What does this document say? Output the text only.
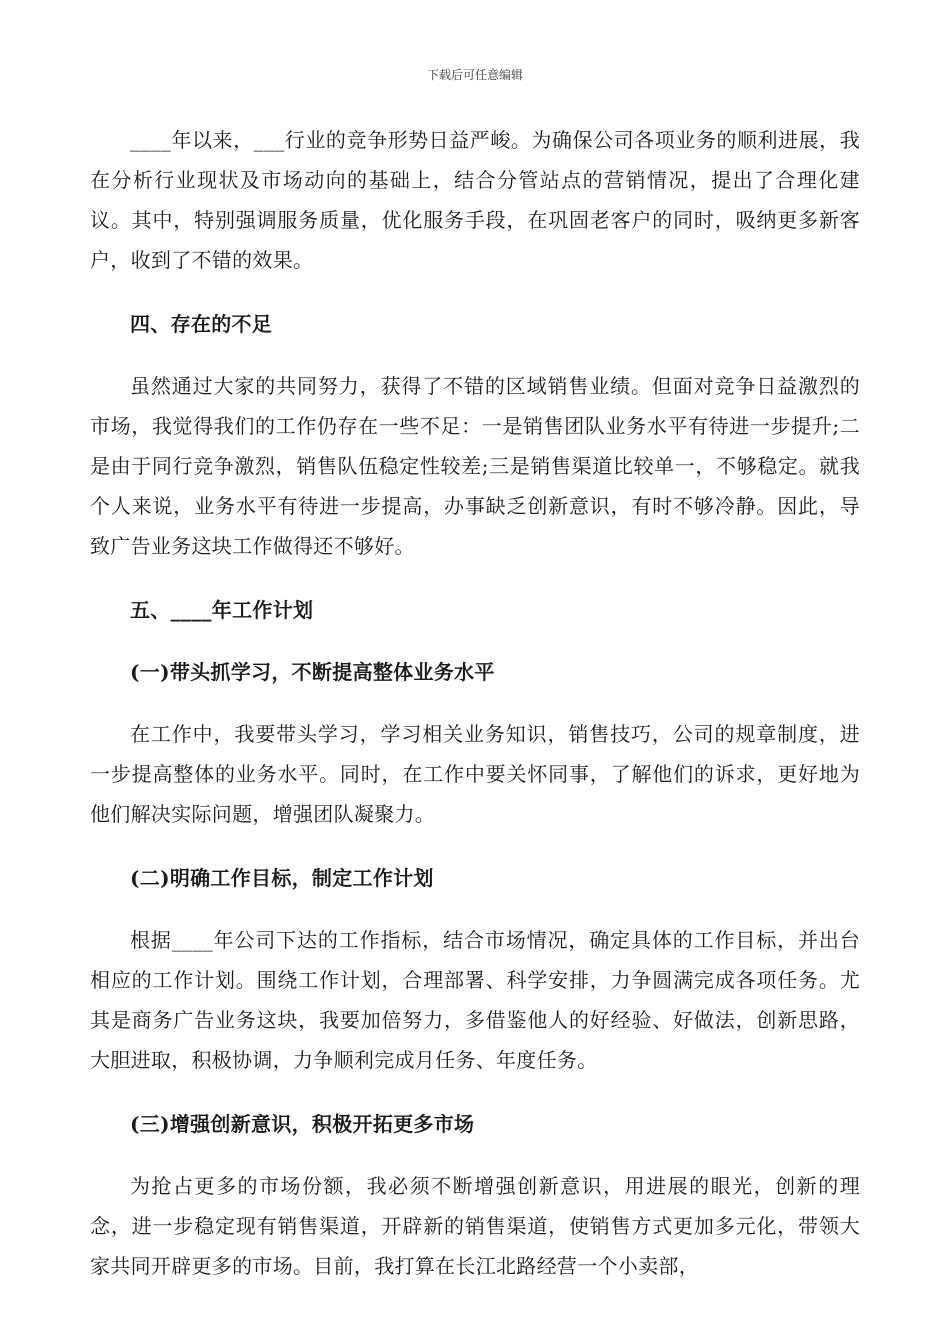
下载后可任意编辑

____年以来，___行业的竞争形势日益严峻。为确保公司各项业务的顺利进展，我在分析行业现状及市场动向的基础上，结合分管站点的营销情况，提出了合理化建议。其中，特别强调服务质量，优化服务手段，在巩固老客户的同时，吸纳更多新客户，收到了不错的效果。

四、存在的不足

虽然通过大家的共同努力，获得了不错的区域销售业绩。但面对竞争日益激烈的市场，我觉得我们的工作仍存在一些不足：一是销售团队业务水平有待进一步提升;二是由于同行竞争激烈，销售队伍稳定性较差;三是销售渠道比较单一，不够稳定。就我个人来说，业务水平有待进一步提高，办事缺乏创新意识，有时不够冷静。因此，导致广告业务这块工作做得还不够好。

五、____年工作计划

(一)带头抓学习，不断提高整体业务水平

在工作中，我要带头学习，学习相关业务知识，销售技巧，公司的规章制度，进一步提高整体的业务水平。同时，在工作中要关怀同事，了解他们的诉求，更好地为他们解决实际问题，增强团队凝聚力。

(二)明确工作目标，制定工作计划

根据____年公司下达的工作指标，结合市场情况，确定具体的工作目标，并出台相应的工作计划。围绕工作计划，合理部署、科学安排，力争圆满完成各项任务。尤其是商务广告业务这块，我要加倍努力，多借鉴他人的好经验、好做法，创新思路，大胆进取，积极协调，力争顺利完成月任务、年度任务。

(三)增强创新意识，积极开拓更多市场

为抢占更多的市场份额，我必须不断增强创新意识，用进展的眼光，创新的理念，进一步稳定现有销售渠道，开辟新的销售渠道，使销售方式更加多元化，带领大家共同开辟更多的市场。目前，我打算在长江北路经营一个小卖部，
